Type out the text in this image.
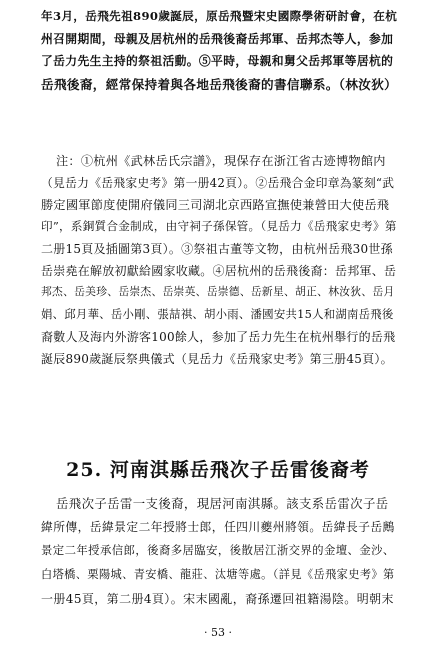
年3月，岳飛先祖890歲誕辰，原岳飛暨宋史國際學術研討會，在杭
州召開期間，母親及居杭州的岳飛後裔岳邦軍、岳邦杰等人，参加
了岳力先生主持的祭祖活動。⑤平時，母親和舅父岳邦軍等居杭的
岳飛後裔，經常保持着與各地岳飛後裔的書信聯系。（林汝狄）
注：①杭州《武林岳氏宗譜》，現保存在浙江省古迹博物館内
（見岳力《岳飛家史考》第一册42頁）。②岳飛合金印章為篆刻“武
勝定國軍節度使開府儀同三司湖北京西路宣撫使兼營田大使岳飛
印”，系銅質合金制成，由守祠子孫保管。（見岳力《岳飛家史考》第
二册15頁及插圖第3頁）。③祭祖古董等文物，由杭州岳飛30世孫
岳崇堯在解放初獻給國家收藏。④居杭州的岳飛後裔：岳邦軍、岳
邦杰、岳美珍、岳崇杰、岳崇英、岳崇德、岳新星、胡正、林汝狄、岳月
娟、邱月華、岳小剛、張喆祺、胡小雨、潘國安共15人和湖南岳飛後
裔數人及海内外游客100餘人，参加了岳力先生在杭州舉行的岳飛
誕辰890歲誕辰祭典儀式（見岳力《岳飛家史考》第三册45頁）。
25. 河南淇縣岳飛次子岳雷後裔考
岳飛次子岳雷一支後裔，現居河南淇縣。該支系岳雷次子岳
緯所傳，岳緯景定二年授將士郎，任四川夔州將領。岳緯長子岳鶊
景定二年授承信郎，後裔多居臨安，後散居江浙交界的金壇、金沙、
白塔橋、栗陽城、青安橋、龍莊、汰塘等處。（詳見《岳飛家史考》第
一册45頁，第二册4頁）。宋末國亂，裔孫遷回祖籍湯陰。明朝末
· 53 ·
